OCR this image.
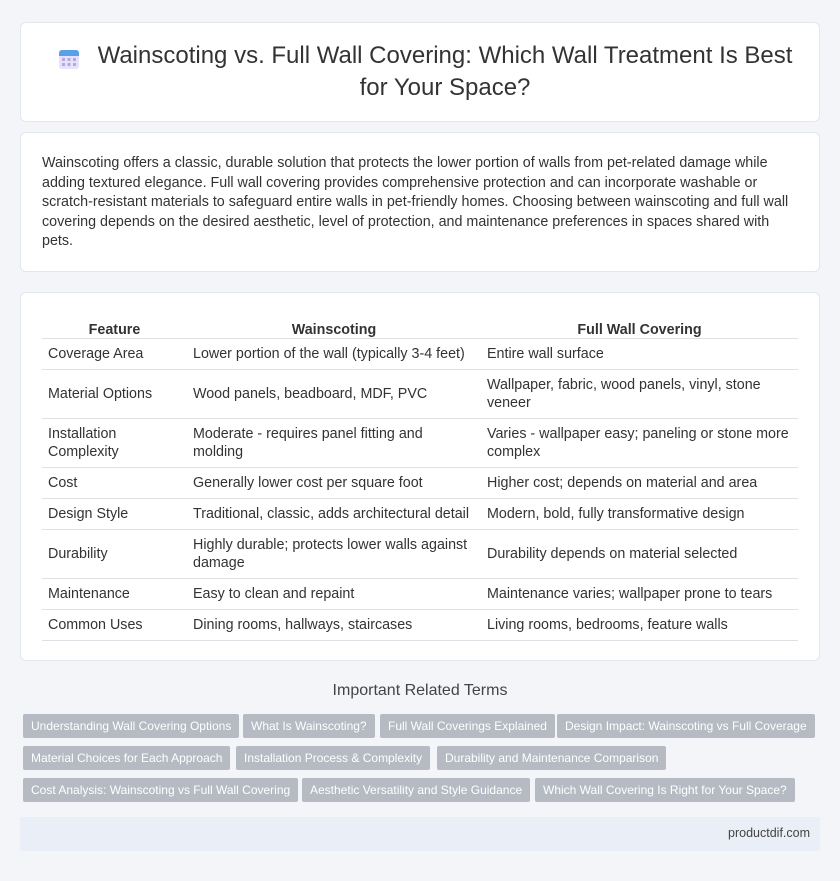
Wainscoting vs. Full Wall Covering: Which Wall Treatment Is Best for Your Space?

Wainscoting offers a classic, durable solution that protects the lower portion of walls from pet-related damage while adding textured elegance. Full wall covering provides comprehensive protection and can incorporate washable or scratch-resistant materials to safeguard entire walls in pet-friendly homes. Choosing between wainscoting and full wall covering depends on the desired aesthetic, level of protection, and maintenance preferences in spaces shared with pets.

Feature	Wainscoting	Full Wall Covering
Coverage Area	Lower portion of the wall (typically 3-4 feet)	Entire wall surface
Material Options	Wood panels, beadboard, MDF, PVC	Wallpaper, fabric, wood panels, vinyl, stone veneer
Installation Complexity	Moderate - requires panel fitting and molding	Varies - wallpaper easy; paneling or stone more complex
Cost	Generally lower cost per square foot	Higher cost; depends on material and area
Design Style	Traditional, classic, adds architectural detail	Modern, bold, fully transformative design
Durability	Highly durable; protects lower walls against damage	Durability depends on material selected
Maintenance	Easy to clean and repaint	Maintenance varies; wallpaper prone to tears
Common Uses	Dining rooms, hallways, staircases	Living rooms, bedrooms, feature walls
Important Related Terms
Understanding Wall Covering Options	What Is Wainscoting?	Full Wall Coverings Explained	Design Impact: Wainscoting vs Full Coverage
Material Choices for Each Approach	Installation Process & Complexity	Durability and Maintenance Comparison
Cost Analysis: Wainscoting vs Full Wall Covering	Aesthetic Versatility and Style Guidance	Which Wall Covering Is Right for Your Space?
productdif.com
